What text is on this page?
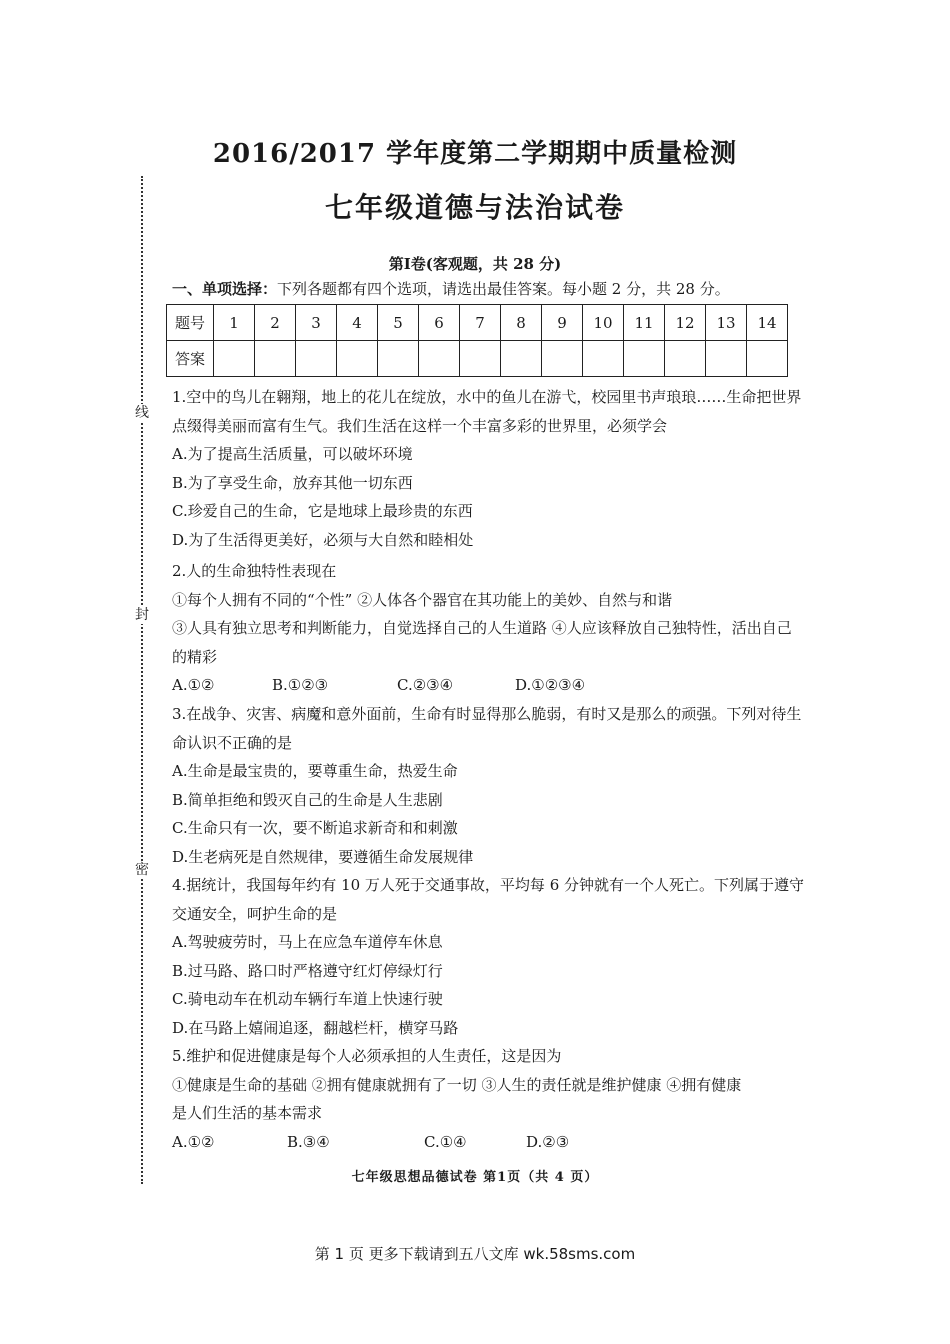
2016/2017 学年度第二学期期中质量检测
七年级道德与法治试卷
线
封
密
第Ⅰ卷(客观题，共 28 分)
一、单项选择：下列各题都有四个选项，请选出最佳答案。每小题 2 分，共 28 分。
题号	1	2	3	4	5	6	7	8	9	10	11	12	13	14
答案														
1.空中的鸟儿在翱翔，地上的花儿在绽放，水中的鱼儿在游弋，校园里书声琅琅……生命把世界
点缀得美丽而富有生气。我们生活在这样一个丰富多彩的世界里，必须学会
A.为了提高生活质量，可以破坏环境
B.为了享受生命，放弃其他一切东西
C.珍爱自己的生命，它是地球上最珍贵的东西
D.为了生活得更美好，必须与大自然和睦相处
2.人的生命独特性表现在
①每个人拥有不同的“个性” ②人体各个器官在其功能上的美妙、自然与和谐
③人具有独立思考和判断能力，自觉选择自己的人生道路 ④人应该释放自己独特性，活出自己
的精彩
A.①②	B.①②③	C.②③④	D.①②③④
3.在战争、灾害、病魔和意外面前，生命有时显得那么脆弱，有时又是那么的顽强。下列对待生
命认识不正确的是
A.生命是最宝贵的，要尊重生命，热爱生命
B.简单拒绝和毁灭自己的生命是人生悲剧
C.生命只有一次，要不断追求新奇和和刺激
D.生老病死是自然规律，要遵循生命发展规律
4.据统计，我国每年约有 10 万人死于交通事故，平均每 6 分钟就有一个人死亡。下列属于遵守
交通安全，呵护生命的是
A.驾驶疲劳时，马上在应急车道停车休息
B.过马路、路口时严格遵守红灯停绿灯行
C.骑电动车在机动车辆行车道上快速行驶
D.在马路上嬉闹追逐，翻越栏杆，横穿马路
5.维护和促进健康是每个人必须承担的人生责任，这是因为
①健康是生命的基础 ②拥有健康就拥有了一切 ③人生的责任就是维护健康 ④拥有健康
是人们生活的基本需求
A.①②	B.③④	C.①④	D.②③
七年级思想品德试卷 第1页（共 4 页）
第 1 页 更多下载请到五八文库 wk.58sms.com
